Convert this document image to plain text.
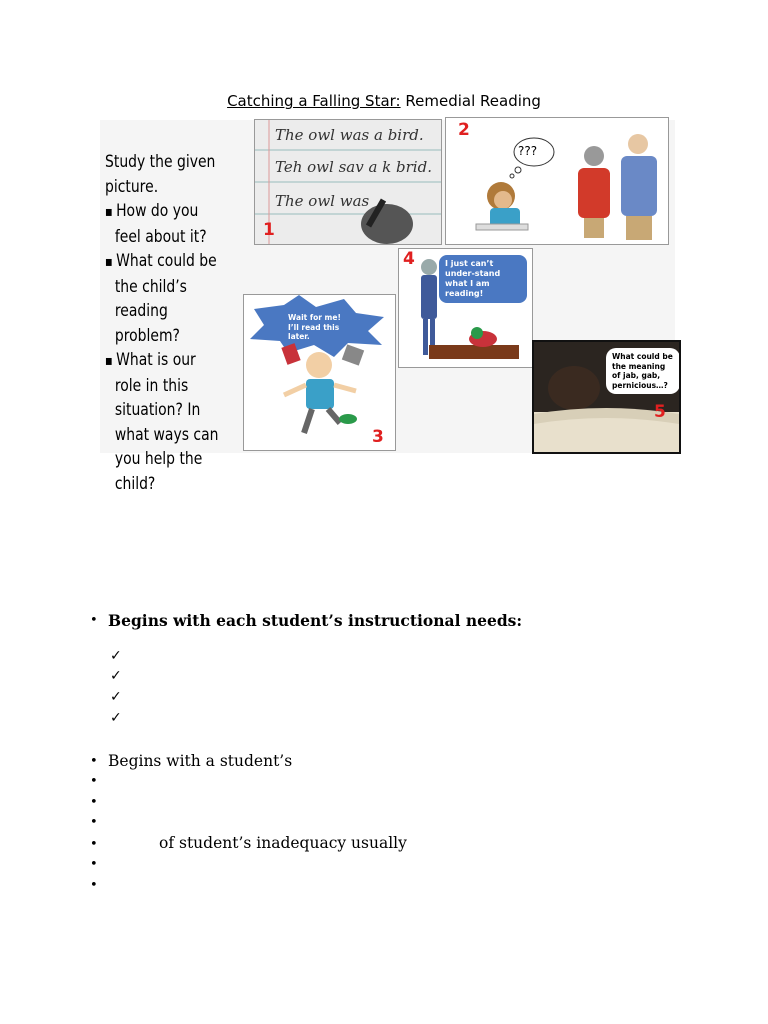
Catching a Falling Star: Remedial Reading
Study the given picture.
▪ How do you feel about it?
▪ What could be the child’s reading problem?
▪ What is our role in this situation? In what ways can you help the child?
The owl was a bird.
Teh owl sav a k brid.
The owl was
1
2
???
Wait for me! I’ll read this later.
3
4	I just can’t under-stand what I am reading!
What could be the meaning of jab, gab, pernicious…?
5
• Begins with each student’s instructional needs:
✓
✓
✓
✓
• Begins with a student’s
•
•
•
•	of student’s inadequacy usually
•
•
